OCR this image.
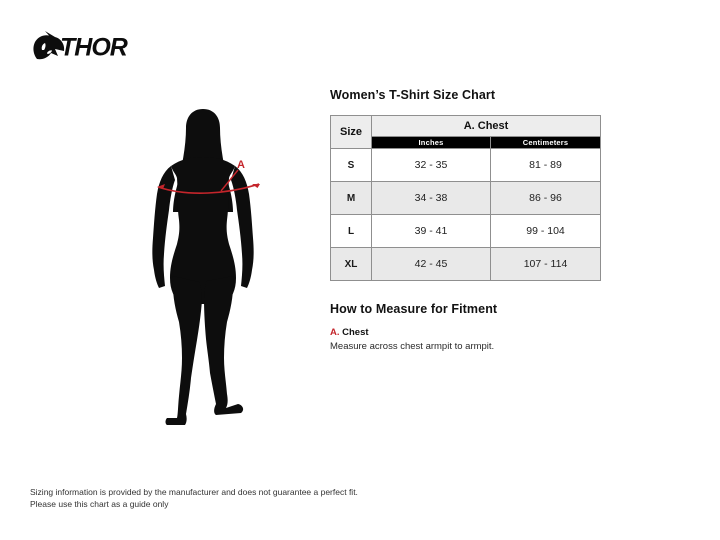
THOR
A
Women’s T-Shirt Size Chart
Size	A. Chest	
	Inches	Centimeters
S	32 - 35	81 - 89
M	34 - 38	86 - 96
L	39 - 41	99 - 104
XL	42 - 45	107 - 114
How to Measure for Fitment
A. Chest
Measure across chest armpit to armpit.
Sizing information is provided by the manufacturer and does not guarantee a perfect fit.
Please use this chart as a guide only
